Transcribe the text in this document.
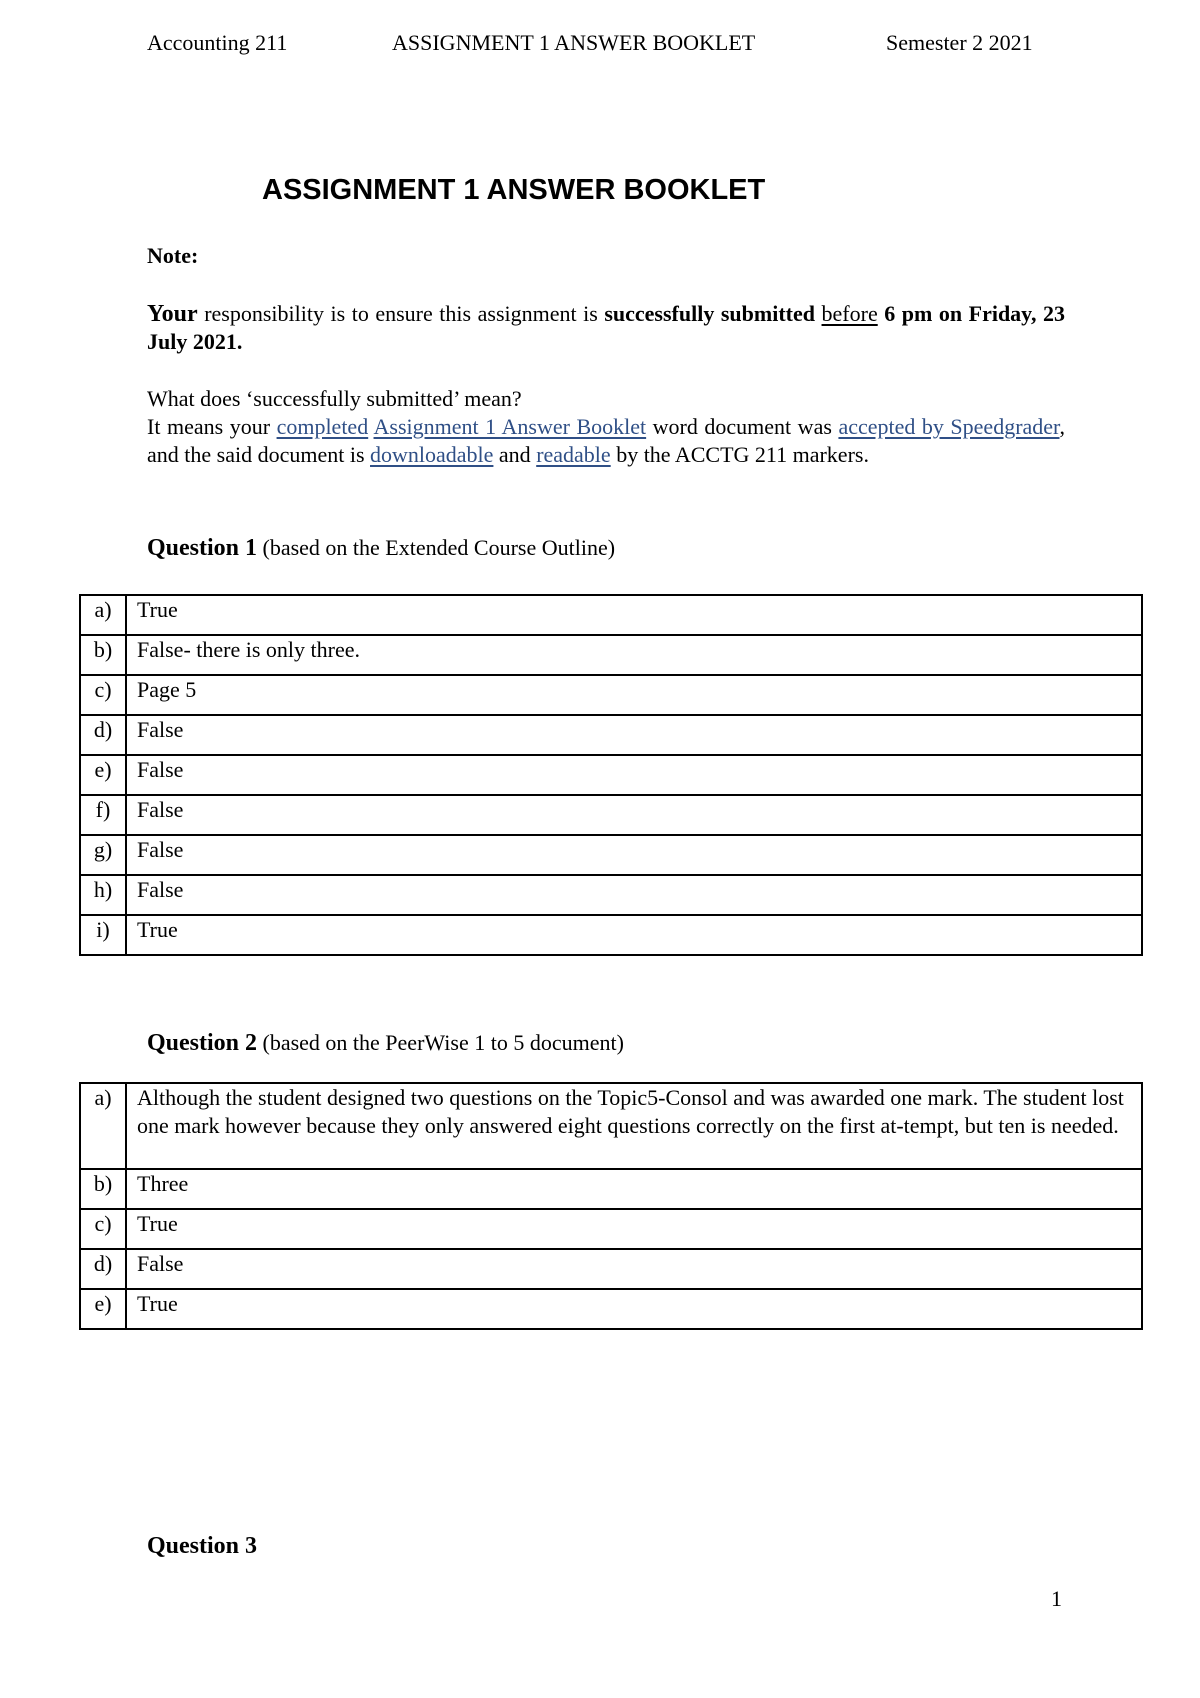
Accounting 211	ASSIGNMENT 1 ANSWER BOOKLET	Semester 2 2021
ASSIGNMENT 1 ANSWER BOOKLET
Note:

Your responsibility is to ensure this assignment is successfully submitted before 6 pm on Friday, 23 July 2021.

What does ‘successfully submitted’ mean?
It means your completed Assignment 1 Answer Booklet word document was accepted by Speedgrader, and the said document is downloadable and readable by the ACCTG 211 markers.

Question 1 (based on the Extended Course Outline)
a)	True
b)	False- there is only three.
c)	Page 5
d)	False
e)	False
f)	False
g)	False
h)	False
i)	True
Question 2 (based on the PeerWise 1 to 5 document)
a)	Although the student designed two questions on the Topic5-Consol and was awarded one mark. The student lost one mark however because they only answered eight questions correctly on the first at-tempt, but ten is needed.
b)	Three
c)	True
d)	False
e)	True
Question 3
1
